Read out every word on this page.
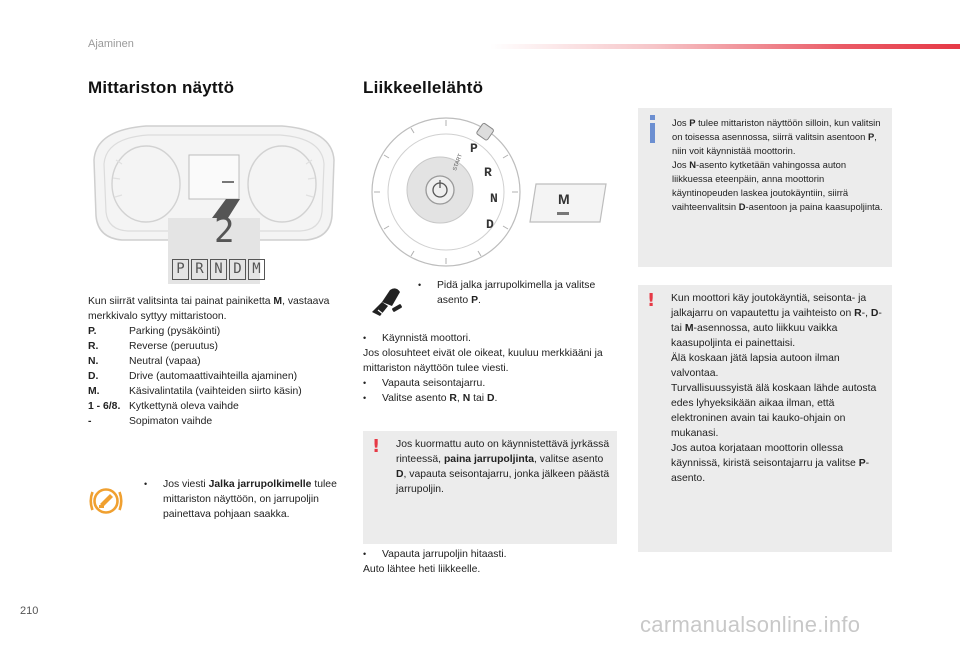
Ajaminen
Mittariston näyttö
2
P R N D M
Kun siirrät valitsinta tai painat painiketta M, vastaava merkkivalo syttyy mittaristoon.
P.	Parking (pysäköinti)
R.	Reverse (peruutus)
N.	Neutral (vapaa)
D.	Drive (automaattivaihteilla ajaminen)
M.	Käsivalintatila (vaihteiden siirto käsin)
1 - 6/8. Kytkettynä oleva vaihde
-	Sopimaton vaihde
•	Jos viesti Jalka jarrupolkimelle tulee mittariston näyttöön, on jarrupoljin painettava pohjaan saakka.
Liikkeellelähtö
P
R
N
D
START
M
•	Pidä jalka jarrupolkimella ja valitse asento P.
•	Käynnistä moottori.
Jos olosuhteet eivät ole oikeat, kuuluu merkkiääni ja mittariston näyttöön tulee viesti.
•	Vapauta seisontajarru.
•	Valitse asento R, N tai D.
! Jos kuormattu auto on käynnistettävä jyrkässä rinteessä, paina jarrupoljinta, valitse asento D, vapauta seisontajarru, jonka jälkeen päästä jarrupoljin.
•	Vapauta jarrupoljin hitaasti.
Auto lähtee heti liikkeelle.
Jos P tulee mittariston näyttöön silloin, kun valitsin on toisessa asennossa, siirrä valitsin asentoon P, niin voit käynnistää moottorin.
Jos N-asento kytketään vahingossa auton liikkuessa eteenpäin, anna moottorin käyntinopeuden laskea joutokäyntiin, siirrä vaihteenvalitsin D-asentoon ja paina kaasupoljinta.
! Kun moottori käy joutokäyntiä, seisonta- ja jalkajarru on vapautettu ja vaihteisto on R-, D- tai M-asennossa, auto liikkuu vaikka kaasupoljinta ei painettaisi.
Älä koskaan jätä lapsia autoon ilman valvontaa.
Turvallisuussyistä älä koskaan lähde autosta edes lyhyeksikään aikaa ilman, että elektroninen avain tai kauko-ohjain on mukanasi.
Jos autoa korjataan moottorin ollessa käynnissä, kiristä seisontajarru ja valitse P-asento.
210
carmanualsonline.info
